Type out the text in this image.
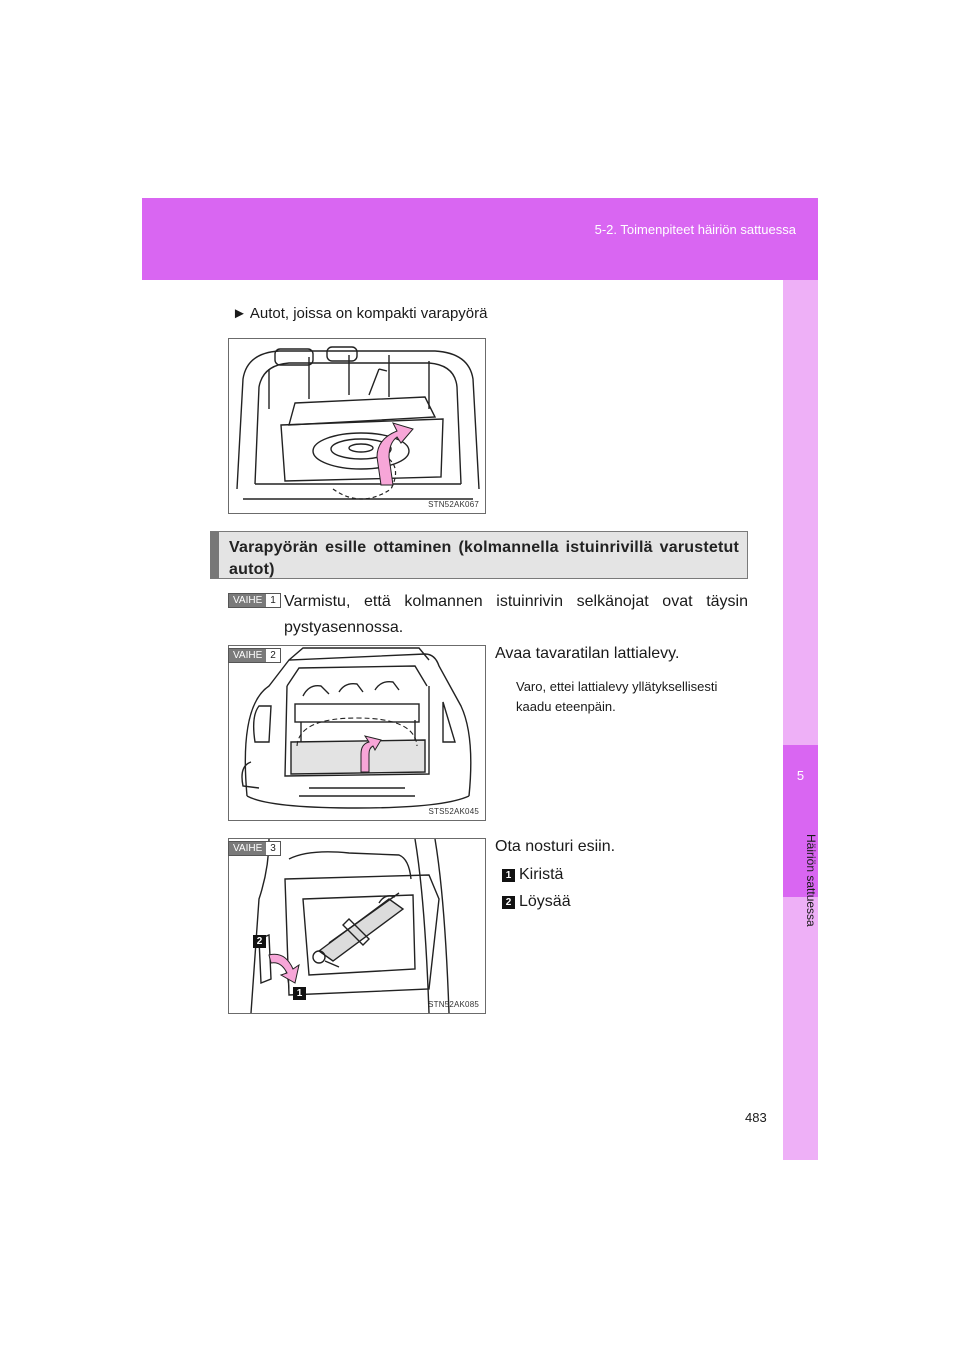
5-2. Toimenpiteet häiriön sattuessa
5
Häiriön sattuessa
► Autot, joissa on kompakti varapyörä
STN52AK067
Varapyörän esille ottaminen (kolmannella istuinrivillä varustetut autot)
VAIHE 1 Varmistu, että kolmannen istuinrivin selkänojat ovat täysin pystyasennossa.
STS52AK045
VAIHE 2	Avaa tavaratilan lattialevy.
Varo, ettei lattialevy yllätyksellisesti kaadu eteenpäin.
2
1
STN52AK085
VAIHE 3	Ota nosturi esiin.
1 Kiristä
2 Löysää
483
